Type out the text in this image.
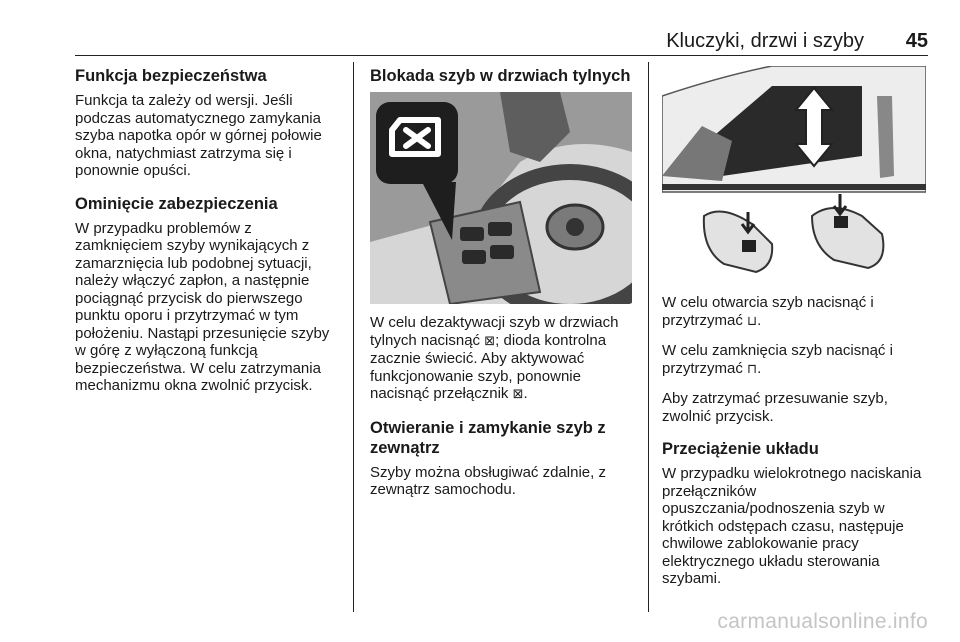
Kluczyki, drzwi i szyby 45
Funkcja bezpieczeństwa

Funkcja ta zależy od wersji. Jeśli podczas automatycznego zamykania szyba napotka opór w górnej połowie okna, natychmiast zatrzyma się i ponownie opuści.

Ominięcie zabezpieczenia

W przypadku problemów z zamknięciem szyby wynikających z zamarznięcia lub podobnej sytuacji, należy włączyć zapłon, a następnie pociągnąć przycisk do pierwszego punktu oporu i przytrzymać w tym położeniu. Nastąpi przesunięcie szyby w górę z wyłączoną funkcją bezpieczeństwa. W celu zatrzymania mechanizmu okna zwolnić przycisk.

Blokada szyb w drzwiach tylnych

W celu dezaktywacji szyb w drzwiach tylnych nacisnąć ⊠; dioda kontrolna zacznie świecić. Aby aktywować funkcjonowanie szyb, ponownie nacisnąć przełącznik ⊠.

Otwieranie i zamykanie szyb z zewnątrz

Szyby można obsługiwać zdalnie, z zewnątrz samochodu.

W celu otwarcia szyb nacisnąć i przytrzymać ⊔.

W celu zamknięcia szyb nacisnąć i przytrzymać ⊓.

Aby zatrzymać przesuwanie szyb, zwolnić przycisk.

Przeciążenie układu

W przypadku wielokrotnego naciskania przełączników opuszczania/podnoszenia szyb w krótkich odstępach czasu, następuje chwilowe zablokowanie pracy elektrycznego układu sterowania szybami.

carmanualsonline.info
